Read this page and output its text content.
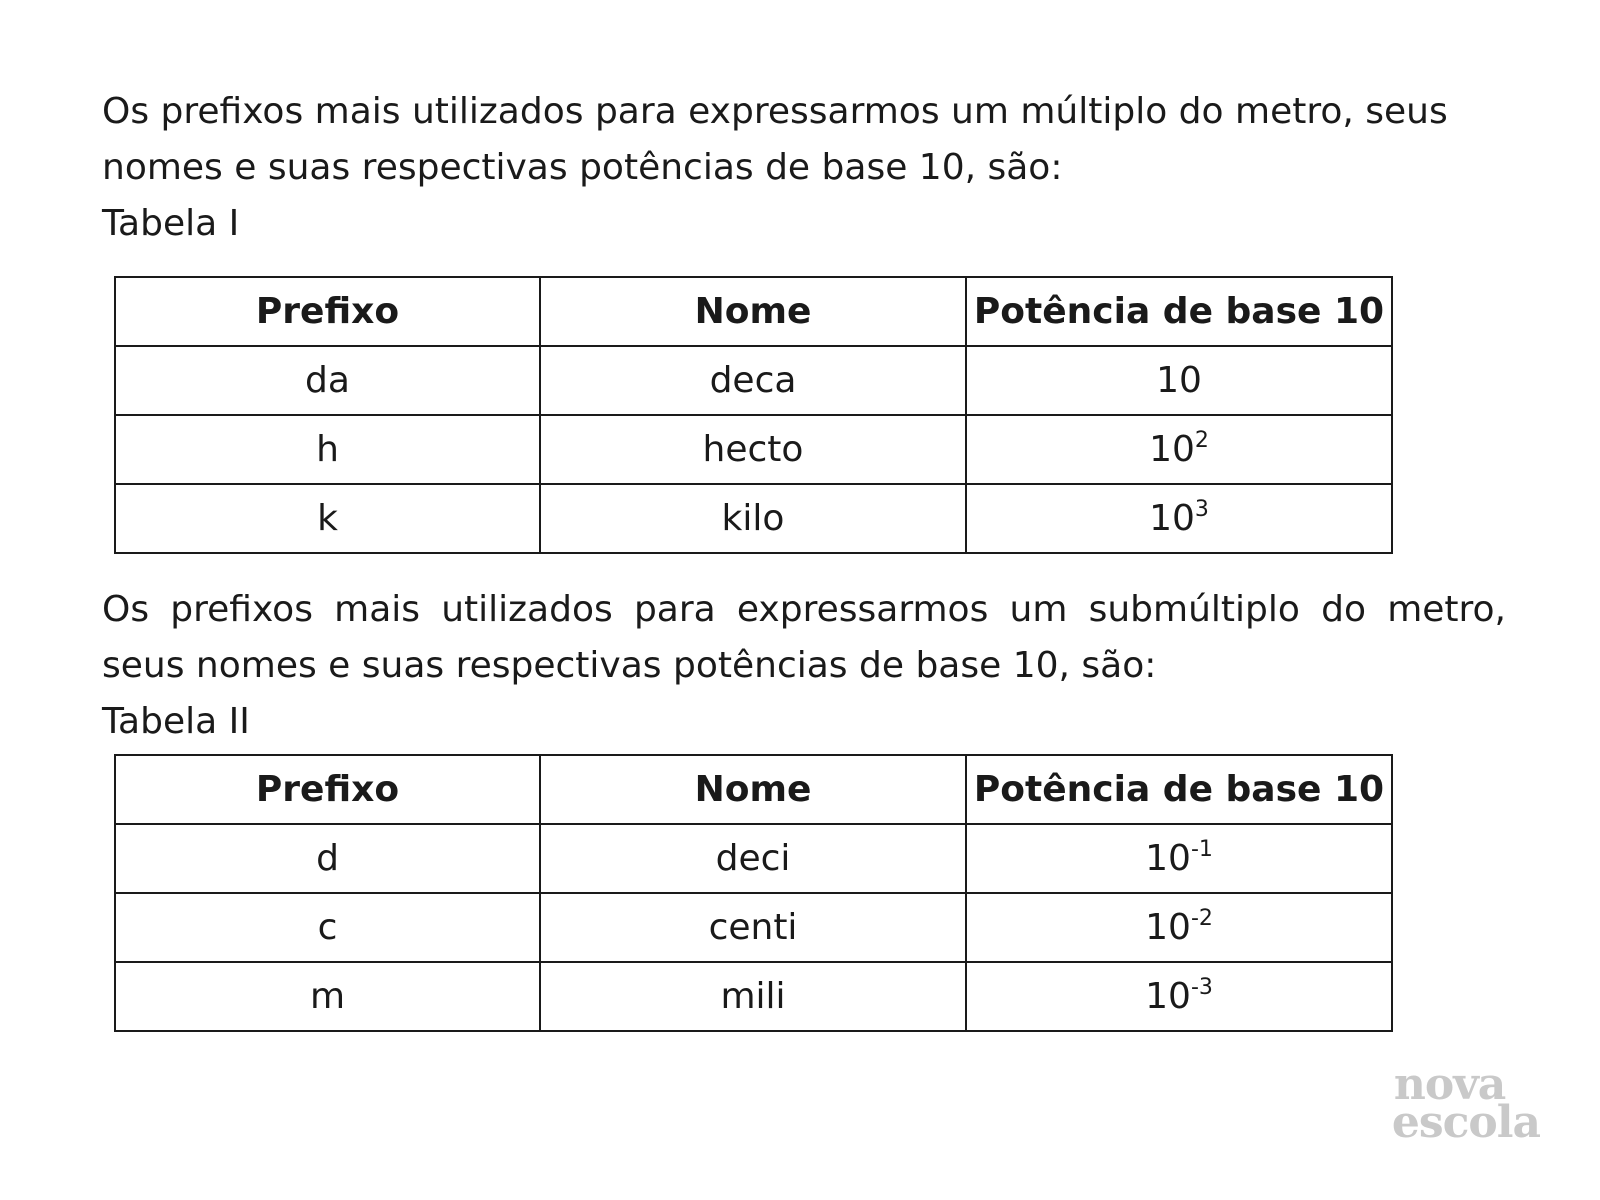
Os prefixos mais utilizados para expressarmos um múltiplo do metro, seus nomes e suas respectivas potências de base 10, são:

Tabela I

Prefixo	Nome	Potência de base 10
da	deca	10
h	hecto	$10^2$
k	kilo	$10^3$

Os prefixos mais utilizados para expressarmos um submúltiplo do metro, seus nomes e suas respectivas potências de base 10, são:

Tabela II

Prefixo	Nome	Potência de base 10
d	deci	$10^{-1}$
c	centi	$10^{-2}$
m	mili	$10^{-3}$
nova
escola
